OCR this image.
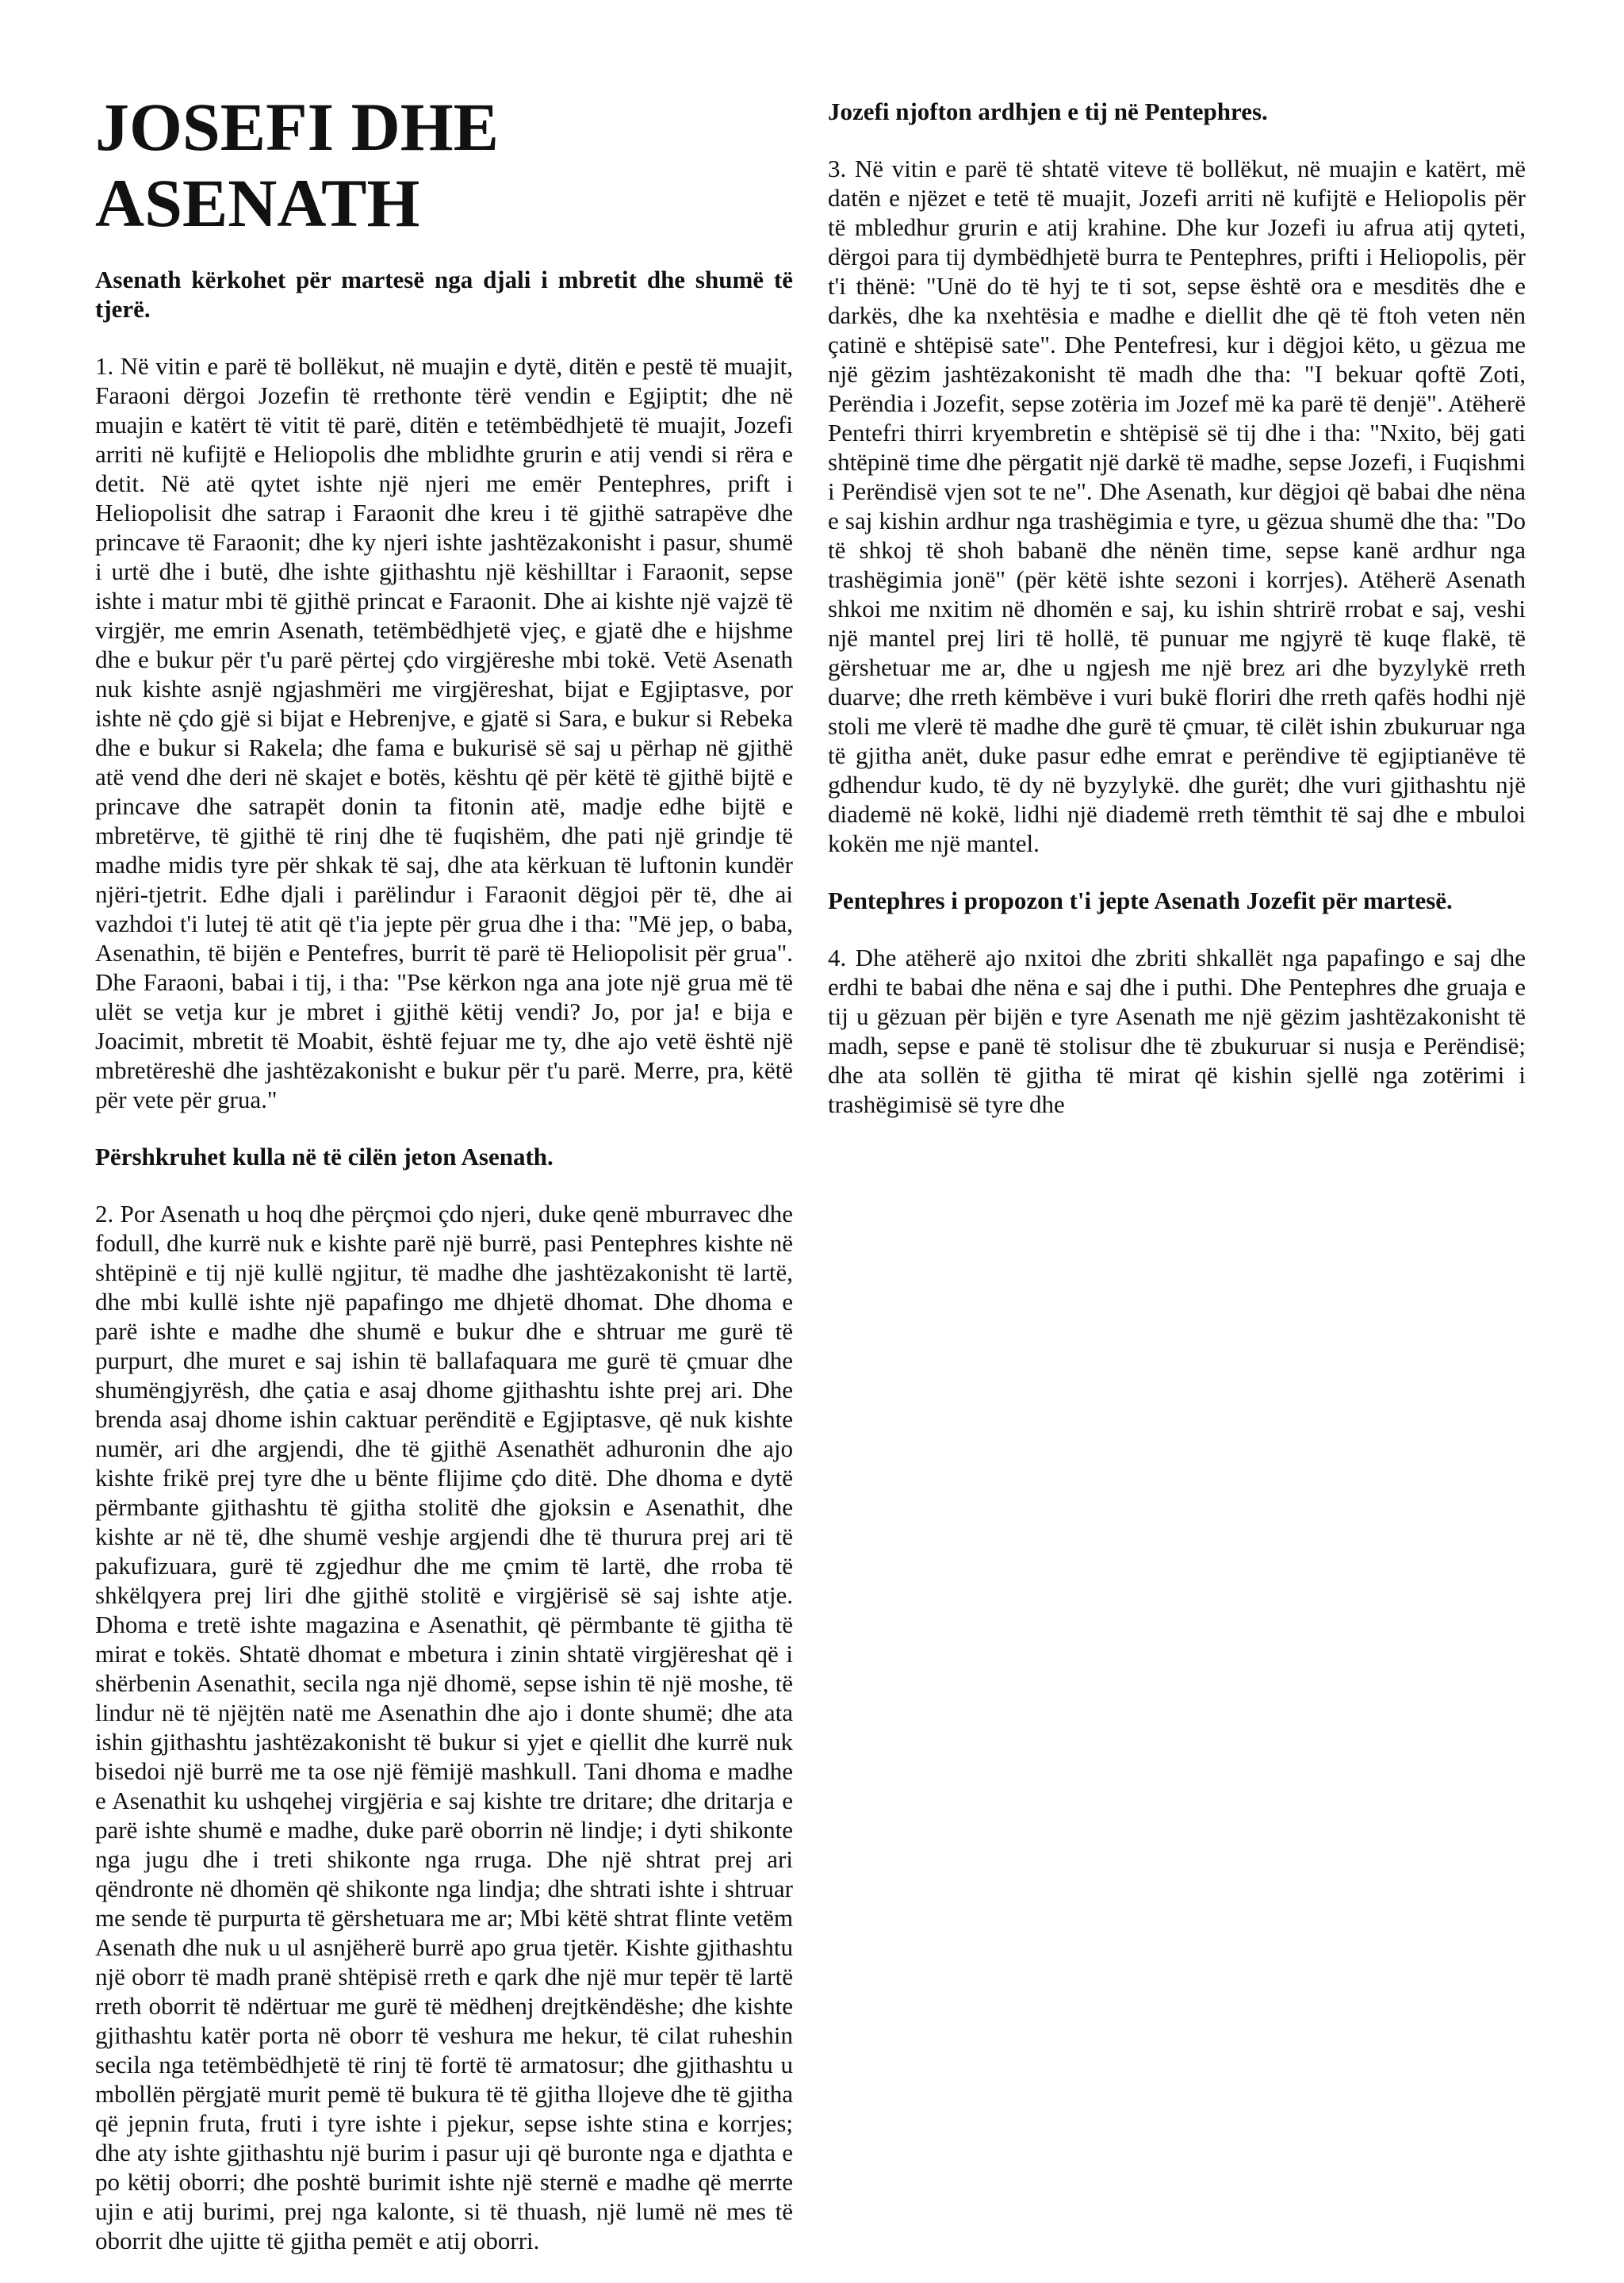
JOSEFI DHE ASENATH
Asenath kërkohet për martesë nga djali i mbretit dhe shumë të tjerë.

1. Në vitin e parë të bollëkut, në muajin e dytë, ditën e pestë të muajit, Faraoni dërgoi Jozefin të rrethonte tërë vendin e Egjiptit; dhe në muajin e katërt të vitit të parë, ditën e tetëmbëdhjetë të muajit, Jozefi arriti në kufijtë e Heliopolis dhe mblidhte grurin e atij vendi si rëra e detit. Në atë qytet ishte një njeri me emër Pentephres, prift i Heliopolisit dhe satrap i Faraonit dhe kreu i të gjithë satrapëve dhe princave të Faraonit; dhe ky njeri ishte jashtëzakonisht i pasur, shumë i urtë dhe i butë, dhe ishte gjithashtu një këshilltar i Faraonit, sepse ishte i matur mbi të gjithë princat e Faraonit. Dhe ai kishte një vajzë të virgjër, me emrin Asenath, tetëmbëdhjetë vjeç, e gjatë dhe e hijshme dhe e bukur për t'u parë përtej çdo virgjëreshe mbi tokë. Vetë Asenath nuk kishte asnjë ngjashmëri me virgjëreshat, bijat e Egjiptasve, por ishte në çdo gjë si bijat e Hebrenjve, e gjatë si Sara, e bukur si Rebeka dhe e bukur si Rakela; dhe fama e bukurisë së saj u përhap në gjithë atë vend dhe deri në skajet e botës, kështu që për këtë të gjithë bijtë e princave dhe satrapët donin ta fitonin atë, madje edhe bijtë e mbretërve, të gjithë të rinj dhe të fuqishëm, dhe pati një grindje të madhe midis tyre për shkak të saj, dhe ata kërkuan të luftonin kundër njëri-tjetrit. Edhe djali i parëlindur i Faraonit dëgjoi për të, dhe ai vazhdoi t'i lutej të atit që t'ia jepte për grua dhe i tha: "Më jep, o baba, Asenathin, të bijën e Pentefres, burrit të parë të Heliopolisit për grua". Dhe Faraoni, babai i tij, i tha: "Pse kërkon nga ana jote një grua më të ulët se vetja kur je mbret i gjithë këtij vendi? Jo, por ja! e bija e Joacimit, mbretit të Moabit, është fejuar me ty, dhe ajo vetë është një mbretëreshë dhe jashtëzakonisht e bukur për t'u parë. Merre, pra, këtë për vete për grua."

Përshkruhet kulla në të cilën jeton Asenath.

2. Por Asenath u hoq dhe përçmoi çdo njeri, duke qenë mburravec dhe fodull, dhe kurrë nuk e kishte parë një burrë, pasi Pentephres kishte në shtëpinë e tij një kullë ngjitur, të madhe dhe jashtëzakonisht të lartë, dhe mbi kullë ishte një papafingo me dhjetë dhomat. Dhe dhoma e parë ishte e madhe dhe shumë e bukur dhe e shtruar me gurë të purpurt, dhe muret e saj ishin të ballafaquara me gurë të çmuar dhe shumëngjyrësh, dhe çatia e asaj dhome gjithashtu ishte prej ari. Dhe brenda asaj dhome ishin caktuar perënditë e Egjiptasve, që nuk kishte numër, ari dhe argjendi, dhe të gjithë Asenathët adhuronin dhe ajo kishte frikë prej tyre dhe u bënte flijime çdo ditë. Dhe dhoma e dytë përmbante gjithashtu të gjitha stolitë dhe gjoksin e Asenathit, dhe kishte ar në të, dhe shumë veshje argjendi dhe të thurura prej ari të pakufizuara, gurë të zgjedhur dhe me çmim të lartë, dhe rroba të shkëlqyera prej liri dhe gjithë stolitë e virgjërisë së saj ishte atje. Dhoma e tretë ishte magazina e Asenathit, që përmbante të gjitha të mirat e tokës. Shtatë dhomat e mbetura i zinin shtatë virgjëreshat që i shërbenin Asenathit, secila nga një dhomë, sepse ishin të një moshe, të lindur në të njëjtën natë me Asenathin dhe ajo i donte shumë; dhe ata ishin gjithashtu jashtëzakonisht të bukur si yjet e qiellit dhe kurrë nuk bisedoi një burrë me ta ose një fëmijë mashkull. Tani dhoma e madhe e Asenathit ku ushqehej virgjëria e saj kishte tre dritare; dhe dritarja e parë ishte shumë e madhe, duke parë oborrin në lindje; i dyti shikonte nga jugu dhe i treti shikonte nga rruga. Dhe një shtrat prej ari qëndronte në dhomën që shikonte nga lindja; dhe shtrati ishte i shtruar me sende të purpurta të gërshetuara me ar; Mbi këtë shtrat flinte vetëm Asenath dhe nuk u ul asnjëherë burrë apo grua tjetër. Kishte gjithashtu një oborr të madh pranë shtëpisë rreth e qark dhe një mur tepër të lartë rreth oborrit të ndërtuar me gurë të mëdhenj drejtkëndëshe; dhe kishte gjithashtu katër porta në oborr të veshura me hekur, të cilat ruheshin secila nga tetëmbëdhjetë të rinj të fortë të armatosur; dhe gjithashtu u mbollën përgjatë murit pemë të bukura të të gjitha llojeve dhe të gjitha që jepnin fruta, fruti i tyre ishte i pjekur, sepse ishte stina e korrjes; dhe aty ishte gjithashtu një burim i pasur uji që buronte nga e djathta e po këtij oborri; dhe poshtë burimit ishte një sternë e madhe që merrte ujin e atij burimi, prej nga kalonte, si të thuash, një lumë në mes të oborrit dhe ujitte të gjitha pemët e atij oborri.

Jozefi njofton ardhjen e tij në Pentephres.

3. Në vitin e parë të shtatë viteve të bollëkut, në muajin e katërt, më datën e njëzet e tetë të muajit, Jozefi arriti në kufijtë e Heliopolis për të mbledhur grurin e atij krahine. Dhe kur Jozefi iu afrua atij qyteti, dërgoi para tij dymbëdhjetë burra te Pentephres, prifti i Heliopolis, për t'i thënë: "Unë do të hyj te ti sot, sepse është ora e mesditës dhe e darkës, dhe ka nxehtësia e madhe e diellit dhe që të ftoh veten nën çatinë e shtëpisë sate". Dhe Pentefresi, kur i dëgjoi këto, u gëzua me një gëzim jashtëzakonisht të madh dhe tha: "I bekuar qoftë Zoti, Perëndia i Jozefit, sepse zotëria im Jozef më ka parë të denjë". Atëherë Pentefri thirri kryembretin e shtëpisë së tij dhe i tha: "Nxito, bëj gati shtëpinë time dhe përgatit një darkë të madhe, sepse Jozefi, i Fuqishmi i Perëndisë vjen sot te ne". Dhe Asenath, kur dëgjoi që babai dhe nëna e saj kishin ardhur nga trashëgimia e tyre, u gëzua shumë dhe tha: "Do të shkoj të shoh babanë dhe nënën time, sepse kanë ardhur nga trashëgimia jonë" (për këtë ishte sezoni i korrjes). Atëherë Asenath shkoi me nxitim në dhomën e saj, ku ishin shtrirë rrobat e saj, veshi një mantel prej liri të hollë, të punuar me ngjyrë të kuqe flakë, të gërshetuar me ar, dhe u ngjesh me një brez ari dhe byzylykë rreth duarve; dhe rreth këmbëve i vuri bukë floriri dhe rreth qafës hodhi një stoli me vlerë të madhe dhe gurë të çmuar, të cilët ishin zbukuruar nga të gjitha anët, duke pasur edhe emrat e perëndive të egjiptianëve të gdhendur kudo, të dy në byzylykë. dhe gurët; dhe vuri gjithashtu një diademë në kokë, lidhi një diademë rreth tëmthit të saj dhe e mbuloi kokën me një mantel.

Pentephres i propozon t'i jepte Asenath Jozefit për martesë.

4. Dhe atëherë ajo nxitoi dhe zbriti shkallët nga papafingo e saj dhe erdhi te babai dhe nëna e saj dhe i puthi. Dhe Pentephres dhe gruaja e tij u gëzuan për bijën e tyre Asenath me një gëzim jashtëzakonisht të madh, sepse e panë të stolisur dhe të zbukuruar si nusja e Perëndisë; dhe ata sollën të gjitha të mirat që kishin sjellë nga zotërimi i trashëgimisë së tyre dhe
